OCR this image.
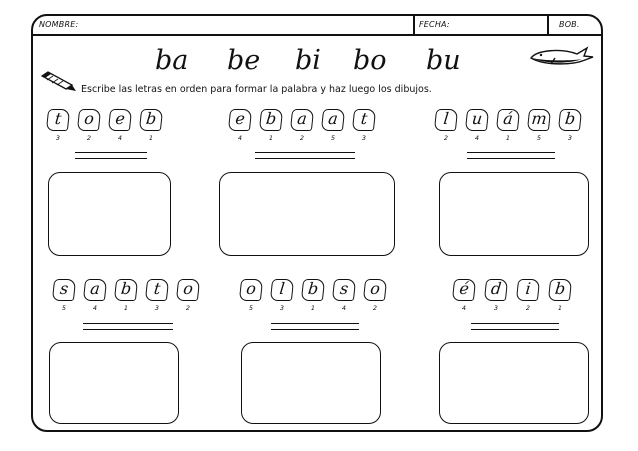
NOMBRE:	FECHA:	BOB.
ba be bi bo bu
Escribe las letras en orden para formar la palabra y haz luego los dibujos.
t	o	e	b
3	2	4	1
e	b	a	a	t
4	1	2	5	3
l	u	á	m	b
2	4	1	5	3
s	a	b	t	o
5	4	1	3	2
o	l	b	s	o
5	3	1	4	2
é	d	i	b
4	3	2	1
